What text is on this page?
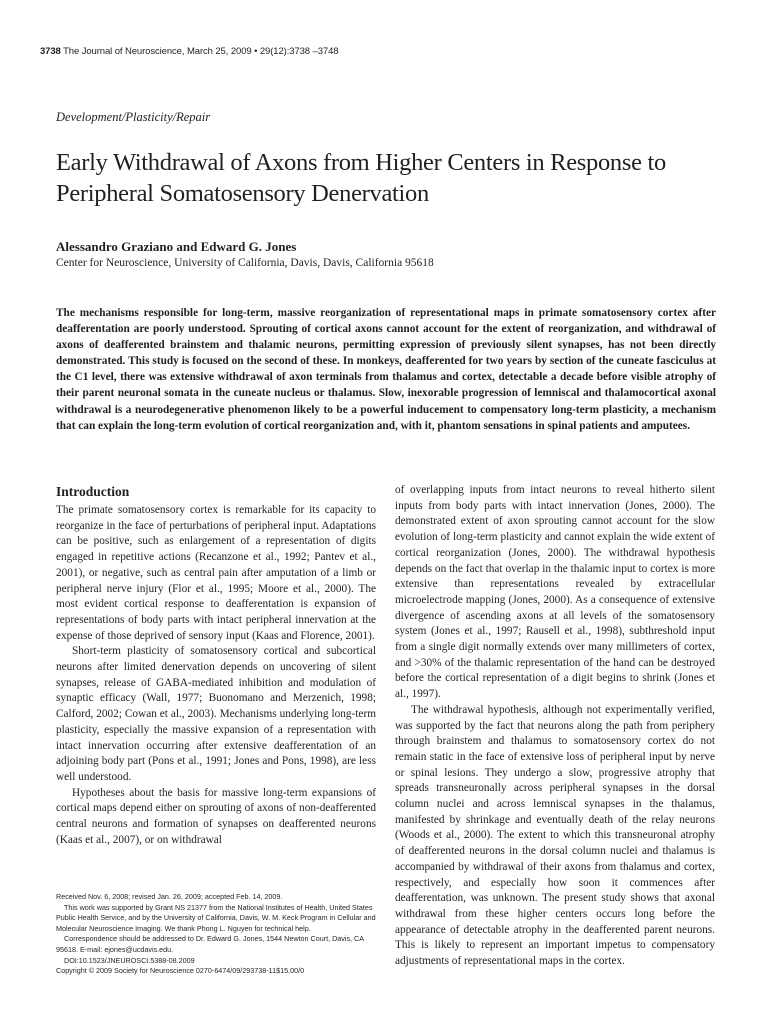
3738 The Journal of Neuroscience, March 25, 2009 • 29(12):3738 –3748
Development/Plasticity/Repair
Early Withdrawal of Axons from Higher Centers in Response to Peripheral Somatosensory Denervation
Alessandro Graziano and Edward G. Jones
Center for Neuroscience, University of California, Davis, Davis, California 95618

The mechanisms responsible for long-term, massive reorganization of representational maps in primate somatosensory cortex after deafferentation are poorly understood. Sprouting of cortical axons cannot account for the extent of reorganization, and withdrawal of axons of deafferented brainstem and thalamic neurons, permitting expression of previously silent synapses, has not been directly demonstrated. This study is focused on the second of these. In monkeys, deafferented for two years by section of the cuneate fasciculus at the C1 level, there was extensive withdrawal of axon terminals from thalamus and cortex, detectable a decade before visible atrophy of their parent neuronal somata in the cuneate nucleus or thalamus. Slow, inexorable progression of lemniscal and thalamocortical axonal withdrawal is a neurodegenerative phenomenon likely to be a powerful inducement to compensatory long-term plasticity, a mechanism that can explain the long-term evolution of cortical reorganization and, with it, phantom sensations in spinal patients and amputees.

Introduction

The primate somatosensory cortex is remarkable for its capacity to reorganize in the face of perturbations of peripheral input. Adaptations can be positive, such as enlargement of a representation of digits engaged in repetitive actions (Recanzone et al., 1992; Pantev et al., 2001), or negative, such as central pain after amputation of a limb or peripheral nerve injury (Flor et al., 1995; Moore et al., 2000). The most evident cortical response to deafferentation is expansion of representations of body parts with intact peripheral innervation at the expense of those deprived of sensory input (Kaas and Florence, 2001).

Short-term plasticity of somatosensory cortical and subcortical neurons after limited denervation depends on uncovering of silent synapses, release of GABA-mediated inhibition and modulation of synaptic efficacy (Wall, 1977; Buonomano and Merzenich, 1998; Calford, 2002; Cowan et al., 2003). Mechanisms underlying long-term plasticity, especially the massive expansion of a representation with intact innervation occurring after extensive deafferentation of an adjoining body part (Pons et al., 1991; Jones and Pons, 1998), are less well understood.

Hypotheses about the basis for massive long-term expansions of cortical maps depend either on sprouting of axons of non-deafferented central neurons and formation of synapses on deafferented neurons (Kaas et al., 2007), or on withdrawal

of overlapping inputs from intact neurons to reveal hitherto silent inputs from body parts with intact innervation (Jones, 2000). The demonstrated extent of axon sprouting cannot account for the slow evolution of long-term plasticity and cannot explain the wide extent of cortical reorganization (Jones, 2000). The withdrawal hypothesis depends on the fact that overlap in the thalamic input to cortex is more extensive than representations revealed by extracellular microelectrode mapping (Jones, 2000). As a consequence of extensive divergence of ascending axons at all levels of the somatosensory system (Jones et al., 1997; Rausell et al., 1998), subthreshold input from a single digit normally extends over many millimeters of cortex, and >30% of the thalamic representation of the hand can be destroyed before the cortical representation of a digit begins to shrink (Jones et al., 1997).

The withdrawal hypothesis, although not experimentally verified, was supported by the fact that neurons along the path from periphery through brainstem and thalamus to somatosensory cortex do not remain static in the face of extensive loss of peripheral input by nerve or spinal lesions. They undergo a slow, progressive atrophy that spreads transneuronally across peripheral synapses in the dorsal column nuclei and across lemniscal synapses in the thalamus, manifested by shrinkage and eventually death of the relay neurons (Woods et al., 2000). The extent to which this transneuronal atrophy of deafferented neurons in the dorsal column nuclei and thalamus is accompanied by withdrawal of their axons from thalamus and cortex, respectively, and especially how soon it commences after deafferentation, was unknown. The present study shows that axonal withdrawal from these higher centers occurs long before the appearance of detectable atrophy in the deafferented parent neurons. This is likely to represent an important impetus to compensatory adjustments of representational maps in the cortex.

Received Nov. 6, 2008; revised Jan. 26, 2009; accepted Feb. 14, 2009.

This work was supported by Grant NS 21377 from the National Institutes of Health, United States Public Health Service, and by the University of California, Davis, W. M. Keck Program in Cellular and Molecular Neuroscience Imaging. We thank Phong L. Nguyen for technical help.

Correspondence should be addressed to Dr. Edward G. Jones, 1544 Newton Court, Davis, CA 95618. E-mail: ejones@ucdavis.edu.

DOI:10.1523/JNEUROSCI.5388-08.2009

Copyright © 2009 Society for Neuroscience 0270-6474/09/293738-11$15.00/0
